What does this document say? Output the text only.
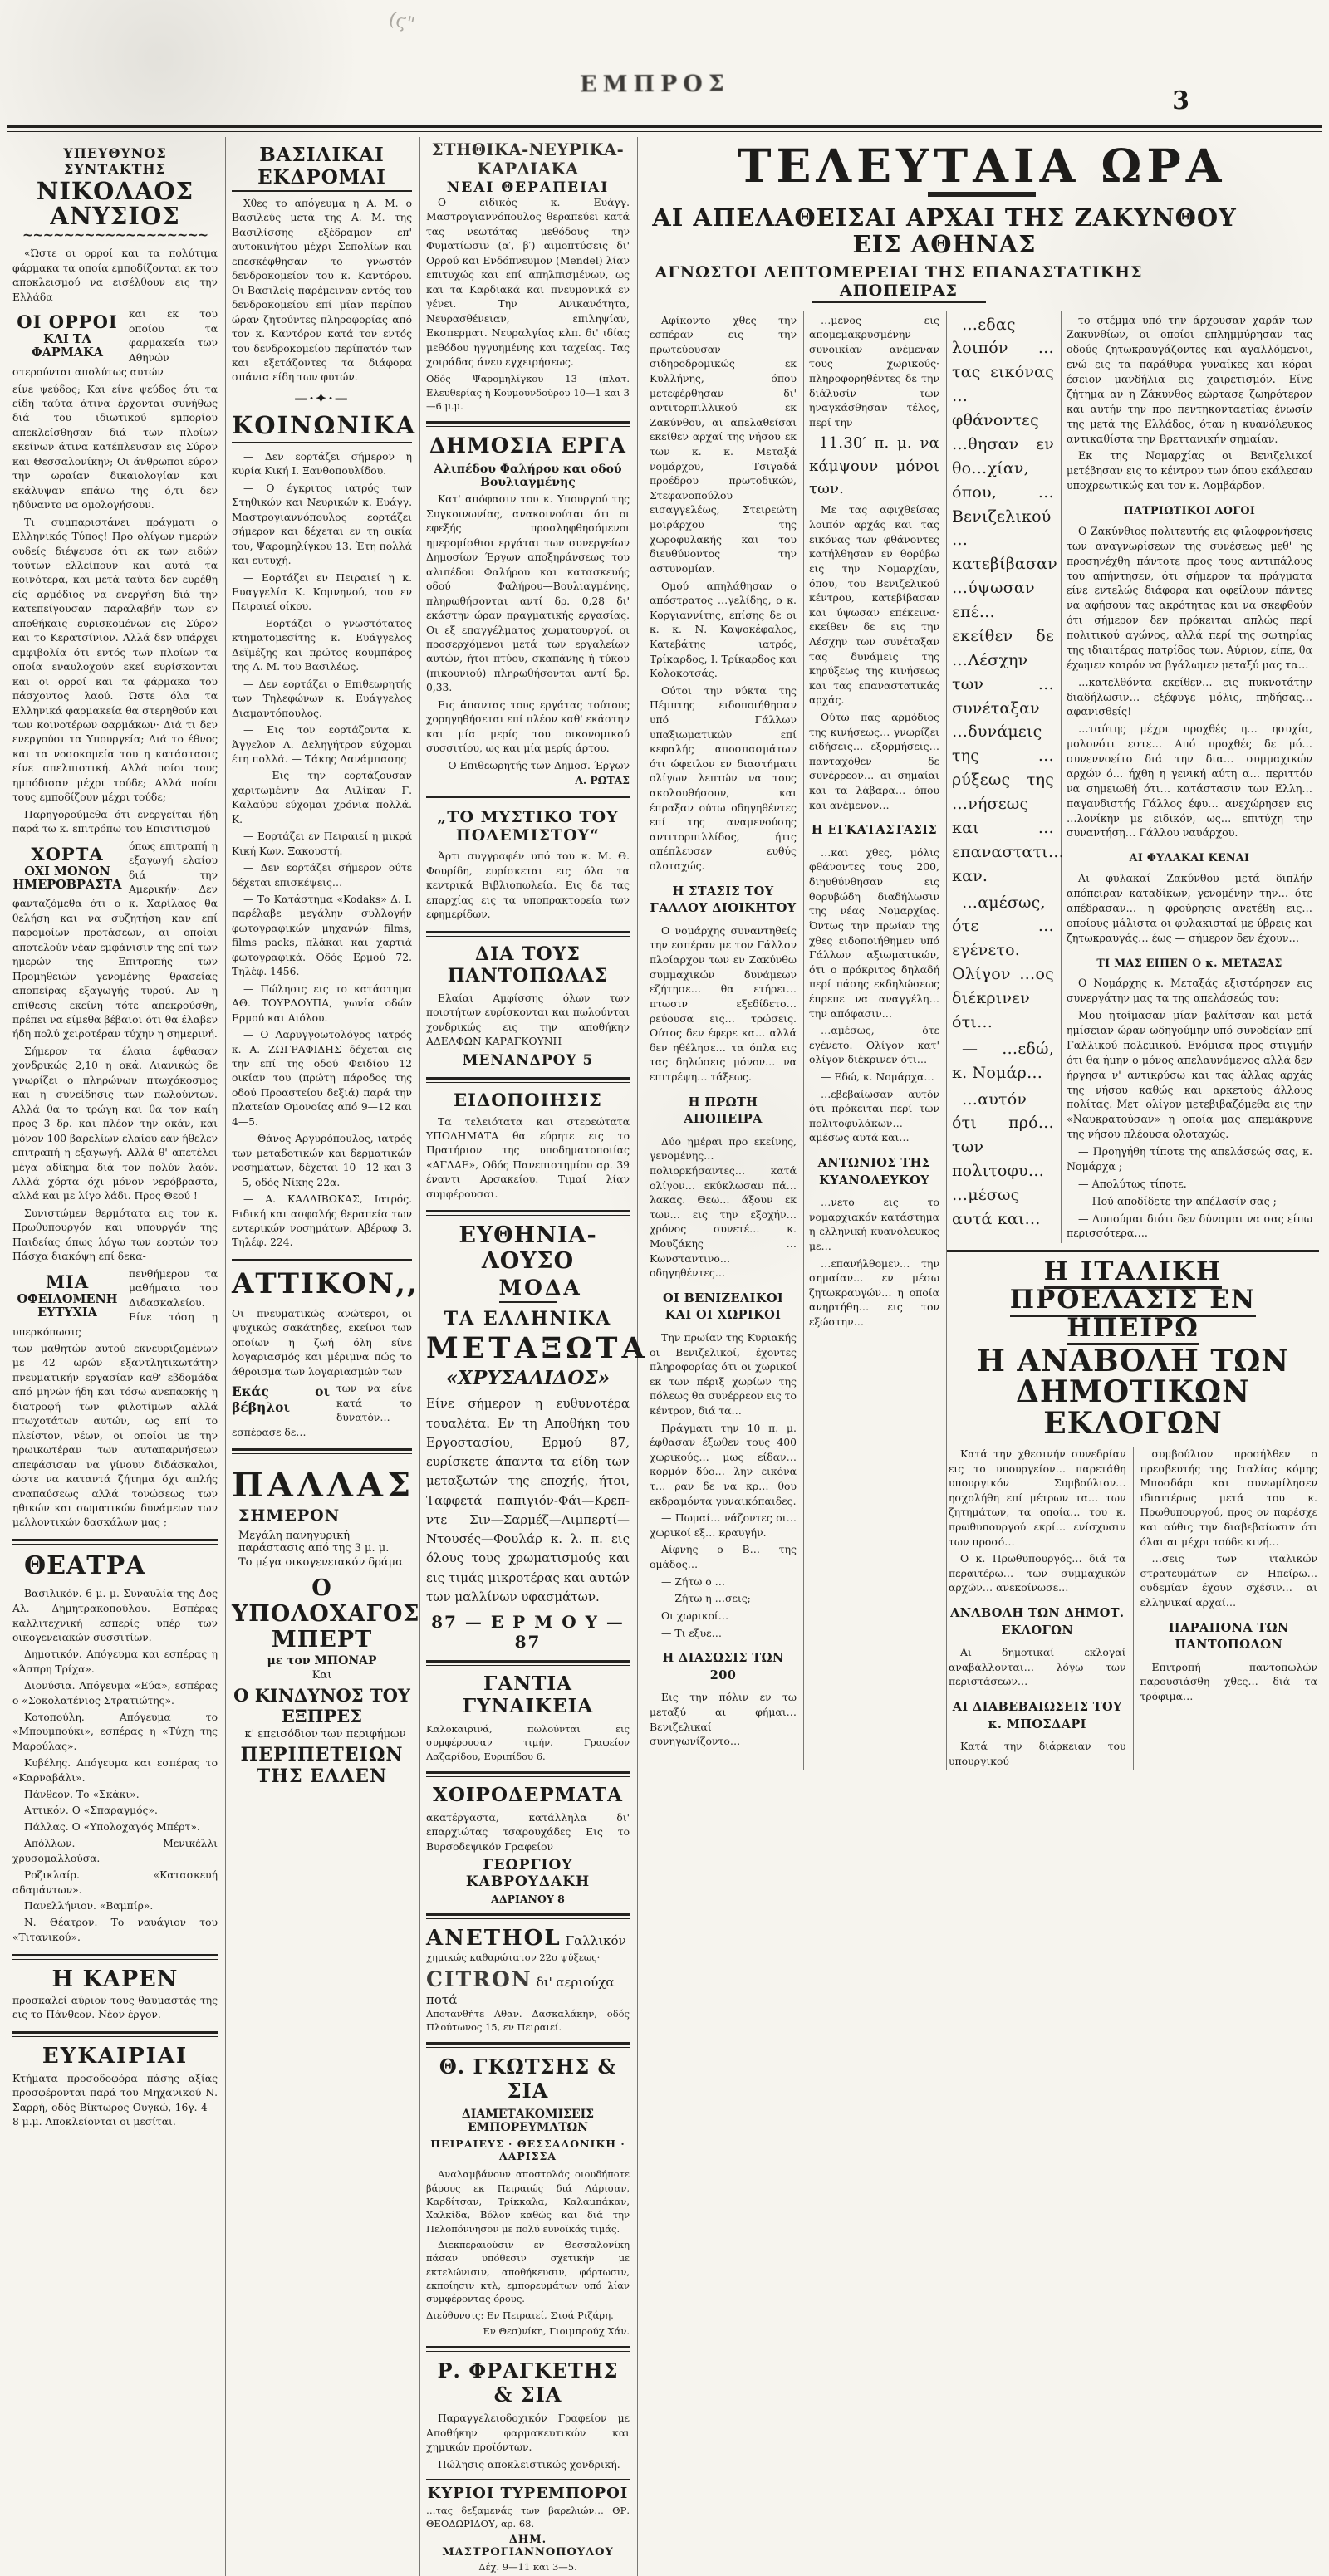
(ϛ"
ΕΜΠΡΟΣ
3
ΥΠΕΥΘΥΝΟΣ ΣΥΝΤΑΚΤΗΣ
ΝΙΚΟΛΑΟΣ ΑΝΥΣΙΟΣ
~~~~~~~~~~~~~~~~~~

«Ώστε οι ορροί και τα πολύτιμα φάρμακα τα οποία εμποδίζονται εκ του αποκλεισμού να εισέλθουν εις την Ελλάδα

ΟΙ ΟΡΡΟΙ
ΚΑΙ ΤΑ ΦΑΡΜΑΚΑ
και εκ του οποίου τα φαρμακεία των Αθηνών στερούνται απολύτως αυτών

είνε ψεύδος; Και είνε ψεύδος ότι τα είδη ταύτα άτινα έρχονται συνήθως διά του ιδιωτικού εμπορίου απεκλείσθησαν διά των πλοίων εκείνων άτινα κατέπλευσαν εις Σύρον και Θεσσαλονίκην; Οι άνθρωποι εύρον την ωραίαν δικαιολογίαν και εκάλυψαν επάνω της ό,τι δεν ηδύναντο να ομολογήσουν.

Τι συμπαριστάνει πράγματι ο Ελληνικός Τύπος! Προ ολίγων ημερών ουδείς διέψευσε ότι εκ των ειδών τούτων ελλείπουν και αυτά τα κοινότερα, και μετά ταύτα δεν ευρέθη είς αρμόδιος να ενεργήση διά την κατεπείγουσαν παραλαβήν των εν αποθήκαις ευρισκομένων εις Σύρον και το Κερατσίνιον. Αλλά δεν υπάρχει αμφιβολία ότι εντός των πλοίων τα οποία εναυλοχούν εκεί ευρίσκονται και οι ορροί και τα φάρμακα του πάσχοντος λαού. Ώστε όλα τα Ελληνικά φαρμακεία θα στερηθούν και των κοινοτέρων φαρμάκων· Διά τι δεν ενεργούσι τα Υπουργεία; Διά το έθνος και τα νοσοκομεία του η κατάστασις είνε απελπιστική. Αλλά ποίοι τους ημπόδισαν μέχρι τούδε; Αλλά ποίοι τους εμποδίζουν μέχρι τούδε;

Παρηγορούμεθα ότι ενεργείται ήδη παρά τω κ. επιτρόπω του Επισιτισμού

ΧΟΡΤΑ
ΟΧΙ ΜΟΝΟΝ ΗΜΕΡΟΒΡΑΣΤΑ
όπως επιτραπή η εξαγωγή ελαίου διά την Αμερικήν· Δεν φανταζόμεθα ότι ο κ. Χαρίλαος θα θελήση και να συζητήση καν επί παρομοίων προτάσεων, αι οποίαι αποτελούν νέαν εμφάνισιν της επί των ημερών της Επιτροπής των Προμηθειών γενομένης θρασείας αποπείρας εξαγωγής τυρού. Αν η επίθεσις εκείνη τότε απεκρούσθη, πρέπει να είμεθα βέβαιοι ότι θα έλαβεν ήδη πολύ χειροτέραν τύχην η σημερινή.

Σήμερον τα έλαια έφθασαν χονδρικώς 2,10 η οκά. Λιανικώς δε γνωρίζει ο πληρώνων πτωχόκοσμος και η συνείδησις των πωλούντων. Αλλά θα το τρώγη και θα τον καίη προς 3 δρ. και πλέον την οκάν, και μόνον 100 βαρελίων ελαίου εάν ήθελεν επιτραπή η εξαγωγή. Αλλά θ' απετέλει μέγα αδίκημα διά τον πολύν λαόν. Αλλά χόρτα όχι μόνον νερόβραστα, αλλά και με λίγο λάδι. Προς Θεού !

Συνιστώμεν θερμότατα εις τον κ. Πρωθυπουργόν και υπουργόν της Παιδείας όπως λόγω των εορτών του Πάσχα διακόψη επί δεκα-

ΜΙΑ
ΟΦΕΙΛΟΜΕΝΗ ΕΥΤΥΧΙΑ
πενθήμερον τα μαθήματα του Διδασκαλείου. Είνε τόση η υπερκόπωσις

των μαθητών αυτού εκνευριζομένων με 42 ωρών εξαντλητικωτάτην πνευματικήν εργασίαν καθ' εβδομάδα από μηνών ήδη και τόσω ανεπαρκής η διατροφή των φιλοτίμων αλλά πτωχοτάτων αυτών, ως επί το πλείστον, νέων, οι οποίοι με την ηρωικωτέραν των αυταπαρνήσεων απεφάσισαν να γίνουν διδάσκαλοι, ώστε να καταντά ζήτημα όχι απλής αναπαύσεως αλλά τονώσεως των ηθικών και σωματικών δυνάμεων των μελλοντικών δασκάλων μας ;

ΘΕΑΤΡΑ
Βασιλικόν. 6 μ. μ. Συναυλία της Δος Αλ. Δημητρακοπούλου. Εσπέρας καλλιτεχνική εσπερίς υπέρ των οικογενειακών συσσιτίων.
Δημοτικόν. Απόγευμα και εσπέρας η «Άσπρη Τρίχα».
Διονύσια. Απόγευμα «Εύα», εσπέρας ο «Σοκολατένιος Στρατιώτης».
Κοτοπούλη. Απόγευμα το «Μπουμπούκι», εσπέρας η «Τύχη της Μαρούλας».
Κυβέλης. Απόγευμα και εσπέρας το «Καρναβάλι».
Πάνθεον. Το «Σκάκι».
Αττικόν. Ο «Σπαραγμός».
Πάλλας. Ο «Υπολοχαγός Μπέρτ».
Απόλλων. Μενικέλλι χρυσομαλλούσα.
Ροζικλαίρ. «Κατασκευή αδαμάντων».
Πανελλήνιον. «Βαμπίρ».
Ν. Θέατρον. Το ναυάγιον του «Τιτανικού».
Η ΚΑΡΕΝ

προσκαλεί αύριον τους θαυμαστάς της εις το Πάνθεον. Νέον έργον.

ΕΥΚΑΙΡΙΑΙ

Κτήματα προσοδοφόρα πάσης αξίας προσφέρονται παρά του Μηχανικού Ν. Σαρρή, οδός Βίκτωρος Ουγκώ, 16γ. 4—8 μ.μ. Αποκλείονται οι μεσίται.

ΒΑΣΙΛΙΚΑΙ ΕΚΔΡΟΜΑΙ

Χθες το απόγευμα η Α. Μ. ο Βασιλεύς μετά της Α. Μ. της Βασιλίσσης εξέδραμον επ' αυτοκινήτου μέχρι Σεπολίων και επεσκέφθησαν το γνωστόν δενδροκομείον του κ. Καντόρου. Οι Βασιλείς παρέμειναν εντός του δενδροκομείου επί μίαν περίπου ώραν ζητούντες πληροφορίας από τον κ. Καντόρον κατά τον εντός του δενδροκομείου περίπατόν των και εξετάζοντες τα διάφορα σπάνια είδη των φυτών.

—·✦·—
ΚΟΙΝΩΝΙΚΑ
— Δεν εορτάζει σήμερον η κυρία Κική Ι. Ξανθοπουλίδου.
— Ο έγκριτος ιατρός των Στηθικών και Νευρικών κ. Ευάγγ. Μαστρογιαννόπουλος εορτάζει σήμερον και δέχεται εν τη οικία του, Ψαρομηλίγκου 13. Έτη πολλά και ευτυχή.
— Εορτάζει εν Πειραιεί η κ. Ευαγγελία Κ. Κομνηνού, του εν Πειραιεί οίκου.
— Εορτάζει ο γνωστότατος κτηματομεσίτης κ. Ευάγγελος Δεϊμέζης και πρώτος κουμπάρος της Α. Μ. του Βασιλέως.
— Δεν εορτάζει ο Επιθεωρητής των Τηλεφώνων κ. Ευάγγελος Διαμαντόπουλος.
— Εις τον εορτάζοντα κ. Άγγελον Λ. Δεληγήτρον εύχομαι έτη πολλά. — Τάκης Δανάμπασης
— Εις την εορτάζουσαν χαριτωμένην Δα Λιλίκαν Γ. Καλαύρυ εύχομαι χρόνια πολλά. Κ.
— Εορτάζει εν Πειραιεί η μικρά Κική Κων. Ξακουστή.
— Δεν εορτάζει σήμερον ούτε δέχεται επισκέψεις…
— Το Κατάστημα «Kodaks» Δ. Ι. παρέλαβε μεγάλην συλλογήν φωτογραφικών μηχανών· films, films packs, πλάκαι και χαρτιά φωτογραφικά. Οδός Ερμού 72. Τηλέφ. 1456.
— Πώλησις εις το κατάστημα ΑΘ. ΤΟΥΡΛΟΥΠΑ, γωνία οδών Ερμού και Αιόλου.
— Ο Λαρυγγοωτολόγος ιατρός κ. Α. ΖΩΓΡΑΦΙΔΗΣ δέχεται εις την επί της οδού Φειδίου 12 οικίαν του (πρώτη πάροδος της οδού Προαστείου δεξιά) παρά την πλατείαν Ομονοίας από 9—12 και 4—5.
— Θάνος Αργυρόπουλος, ιατρός των μεταδοτικών και δερματικών νοσημάτων, δέχεται 10—12 και 3—5, οδός Νίκης 22α.
— Α. ΚΑΛΛΙΒΩΚΑΣ, Ιατρός. Ειδική και ασφαλής θεραπεία των εντερικών νοσημάτων. Αβέρωφ 3. Τηλέφ. 224.
ΑΤΤΙΚΟΝ,,

Οι πνευματικώς ανώτεροι, οι ψυχικώς σακάτηδες, εκείνοι των οποίων η ζωή όλη είνε λογαριασμός και μέριμνα πώς το άθροισμα των λογαριασμών των

Εκάς οι βέβηλοι
των να είνε κατά το δυνατόν… εσπέρασε δε…
ΠΑΛΛΑΣ
ΣΗΜΕΡΟΝ
Μεγάλη πανηγυρική παράστασις από της 3 μ. μ.
Το μέγα οικογενειακόν δράμα
Ο ΥΠΟΛΟΧΑΓΟΣ ΜΠΕΡΤ
με τον ΜΠΟΝΑΡ
Και
Ο ΚΙΝΔΥΝΟΣ ΤΟΥ ΕΞΠΡΕΣ
κ' επεισόδιον των περιφήμων
ΠΕΡΙΠΕΤΕΙΩΝ ΤΗΣ ΕΛΛΕΝ
ΣΤΗΘΙΚΑ-ΝΕΥΡΙΚΑ-ΚΑΡΔΙΑΚΑ
ΝΕΑΙ ΘΕΡΑΠΕΙΑΙ

Ο ειδικός κ. Ευάγγ. Μαστρογιαννόπουλος θεραπεύει κατά τας νεωτάτας μεθόδους την Φυματίωσιν (α′, β′) αιμοπτύσεις δι' Ορρού και Ενδόπνευμον (Mendel) λίαν επιτυχώς και επί απηλπισμένων, ως και τα Καρδιακά και πνευμονικά εν γένει. Την Ανικανότητα, Νευρασθένειαν, επιληψίαν, Εκσπερματ. Νευραλγίας κλπ. δι' ιδίας μεθόδου ηγγυημένης και ταχείας. Τας χοιράδας άνευ εγχειρήσεως.

Οδός Ψαρομηλίγκου 13 (πλατ. Ελευθερίας ή Κουμουνδούρου 10—1 και 3—6 μ.μ.

ΔΗΜΟΣΙΑ ΕΡΓΑ
Αλιπέδου Φαλήρου και οδού Βουλιαγμένης

Κατ' απόφασιν του κ. Υπουργού της Συγκοινωνίας, ανακοινούται ότι οι εφεξής προσληφθησόμενοι ημερομίσθιοι εργάται των συνεργείων Δημοσίων Έργων αποξηράνσεως του αλιπέδου Φαλήρου και κατασκευής οδού Φαλήρου—Βουλιαγμένης, πληρωθήσονται αντί δρ. 0,28 δι' εκάστην ώραν πραγματικής εργασίας. Οι εξ επαγγέλματος χωματουργοί, οι προσερχόμενοι μετά των εργαλείων αυτών, ήτοι πτύου, σκαπάνης ή τύκου (πικουνιού) πληρωθήσονται αντί δρ. 0,33.

Εις άπαντας τους εργάτας τούτους χορηγηθήσεται επί πλέον καθ' εκάστην και μία μερίς του οικονομικού συσσιτίου, ως και μία μερίς άρτου.

Ο Επιθεωρητής των Δημοσ. Έργων

Λ. ΡΩΤΑΣ

„ΤΟ ΜΥΣΤΙΚΟ ΤΟΥ ΠΟΛΕΜΙΣΤΟΥ“

Άρτι συγγραφέν υπό του κ. Μ. Θ. Φουρίδη, ευρίσκεται εις όλα τα κεντρικά Βιβλιοπωλεία. Εις δε τας επαρχίας εις τα υποπρακτορεία των εφημερίδων.

ΔΙΑ ΤΟΥΣ ΠΑΝΤΟΠΩΛΑΣ

Ελαίαι Αμφίσσης όλων των ποιοτήτων ευρίσκονται και πωλούνται χονδρικώς εις την αποθήκην ΑΔΕΛΦΩΝ ΚΑΡΑΓΚΟΥΝΗ

ΜΕΝΑΝΔΡΟΥ 5
ΕΙΔΟΠΟΙΗΣΙΣ

Τα τελειότατα και στερεώτατα ΥΠΟΔΗΜΑΤΑ θα εύρητε εις το Πρατήριον της υποδηματοποιίας «ΑΓΛΑΕ», Οδός Πανεπιστημίου αρ. 39 έναντι Αρσακείου. Τιμαί λίαν συμφέρουσαι.

ΕΥΘΗΝΙΑ-ΛΟΥΣΟ
ΜΟΔΑ
ΤΑ ΕΛΛΗΝΙΚΑ
ΜΕΤΑΞΩΤΑ
«ΧΡΥΣΑΛΙΔΟΣ»

Είνε σήμερον η ευθυνοτέρα τουαλέτα. Εν τη Αποθήκη του Εργοστασίου, Ερμού 87, ευρίσκετε άπαντα τα είδη των μεταξωτών της εποχής, ήτοι, Ταφφετά παπιγιόν-Φάι—Κρεπ-ντε Σιν—Σαρμέζ—Λιμπερτί—Ντουσές—Φουλάρ κ. λ. π. εις όλους τους χρωματισμούς και εις τιμάς μικροτέρας και αυτών των μαλλίνων υφασμάτων.

87 — Ε Ρ Μ Ο Υ — 87
ΓΑΝΤΙΑ ΓΥΝΑΙΚΕΙΑ

Καλοκαιρινά, πωλούνται εις συμφέρουσαν τιμήν. Γραφείον Λαζαρίδου, Ευριπίδου 6.

ΧΟΙΡΟΔΕΡΜΑΤΑ

ακατέργαστα, κατάλληλα δι' επαρχιώτας τσαρουχάδες Εις το Βυρσοδεψικόν Γραφείον

ΓΕΩΡΓΙΟΥ ΚΑΒΡΟΥΔΑΚΗ
ΑΔΡΙΑΝΟΥ 8
ANETHOL Γαλλικόν

χημικώς καθαρώτατον 22ο ψύξεως·

CITRON δι' αεριούχα ποτά

Αποτανθήτε Αθαν. Δασκαλάκην, οδός Πλούτωνος 15, εν Πειραιεί.

Θ. ΓΚΩΤΣΗΣ & ΣΙΑ
ΔΙΑΜΕΤΑΚΟΜΙΣΕΙΣ ΕΜΠΟΡΕΥΜΑΤΩΝ
ΠΕΙΡΑΙΕΥΣ · ΘΕΣΣΑΛΟΝΙΚΗ · ΛΑΡΙΣΣΑ

Αναλαμβάνουν αποστολάς οιουδήποτε βάρους εκ Πειραιώς διά Λάρισαν, Καρδίτσαν, Τρίκκαλα, Καλαμπάκαν, Χαλκίδα, Βόλον καθώς και διά την Πελοπόννησον με πολύ ευνοϊκάς τιμάς.

Διεκπεραιούσιν εν Θεσσαλονίκη πάσαν υπόθεσιν σχετικήν με εκτελώνισιν, αποθήκευσιν, φόρτωσιν, εκποίησιν κτλ, εμπορευμάτων υπό λίαν συμφέροντας όρους.

Διεύθυνσις: Εν Πειραιεί, Στοά Ριζάρη.

Εν Θεσ)νίκη, Γιοιμπρούχ Χάν.

Ρ. ΦΡΑΓΚΕΤΗΣ & ΣΙΑ

Παραγγελειοδοχικόν Γραφείον με Αποθήκην φαρμακευτικών και χημικών προϊόντων.

Πώλησις αποκλειστικώς χονδρική.

ΚΥΡΙΟΙ ΤΥΡΕΜΠΟΡΟΙ

…τας δεξαμενάς των βαρελιών… ΘΡ. ΘΕΟΔΩΡΙΔΟΥ, αρ. 68.

ΔΗΜ. ΜΑΣΤΡΟΓΙΑΝΝΟΠΟΥΛΟΥ

Δέχ. 9—11 και 3—5.

ΤΕΛΕΥΤΑΙΑ ΩΡΑ
ΑΙ ΑΠΕΛΑΘΕΙΣΑΙ ΑΡΧΑΙ ΤΗΣ ΖΑΚΥΝΘΟΥ ΕΙΣ ΑΘΗΝΑΣ
ΑΓΝΩΣΤΟΙ ΛΕΠΤΟΜΕΡΕΙΑΙ ΤΗΣ ΕΠΑΝΑΣΤΑΤΙΚΗΣ ΑΠΟΠΕΙΡΑΣ
Αφίκοντο χθες την εσπέραν εις την πρωτεύουσαν σιδηροδρομικώς εκ Κυλλήνης, όπου μετεφέρθησαν δι' αντιτορπιλλικού εκ Ζακύνθου, αι απελαθείσαι εκείθεν αρχαί της νήσου εκ των κ. κ. Μεταξά νομάρχου, Τσιγαδά προέδρου πρωτοδικών, Στεφανοπούλου εισαγγελέως, Στειρεώτη μοιράρχου της χωροφυλακής και του διευθύνοντος την αστυνομίαν.
Ομού απηλάθησαν ο απόστρατος …γελίδης, ο κ. Κοργιαννίτης, επίσης δε οι κ. κ. Ν. Καψοκέφαλος, Κατεβάτης ιατρός, Τρίκαρδος, Ι. Τρίκαρδος και Κολοκοτσάς.
Ούτοι την νύκτα της Πέμπτης ειδοποιήθησαν υπό Γάλλων υπαξιωματικών επί κεφαλής αποσπασμάτων ότι ώφειλον εν διαστήματι ολίγων λεπτών να τους ακολουθήσουν, και έπραξαν ούτω οδηγηθέντες επί της αναμενούσης αντιτορπιλλίδος, ήτις απέπλευσεν ευθύς ολοταχώς.
Η ΣΤΑΣΙΣ ΤΟΥ ΓΑΛΛΟΥ ΔΙΟΙΚΗΤΟΥ
Ο νομάρχης συναντηθείς την εσπέραν με τον Γάλλον πλοίαρχον των εν Ζακύνθω συμμαχικών δυνάμεων εζήτησε… θα ετήρει… πτωσιν εξεδίδετο… ρεύουσα εις… τρώσεις. Ούτος δεν έφερε κα… αλλά δεν ηθέλησε… τα όπλα εις τας δηλώσεις μόνον… να επιτρέψη… τάξεως.
Η ΠΡΩΤΗ ΑΠΟΠΕΙΡΑ
Δύο ημέραι προ εκείνης, γενομένης… πολιορκήσαντες… κατά ολίγον… εκύκλωσαν πά…λακας. Θεω… άξουν εκ των… εις την εξοχήν… χρόνος συνετέ… κ. Μουζάκης …Κωνσταντινο… οδηγηθέντες…
ΟΙ ΒΕΝΙΖΕΛΙΚΟΙ ΚΑΙ ΟΙ ΧΩΡΙΚΟΙ
Την πρωίαν της Κυριακής οι Βενιζελικοί, έχοντες πληροφορίας ότι οι χωρικοί εκ των πέριξ χωρίων της πόλεως θα συνέρρεον εις το κέντρον, διά τα…
Πράγματι την 10 π. μ. έφθασαν έξωθεν τους 400 χωρικούς… μως είδαν… κορμόν δύο… λην εικόνα τ… ραν δε να κρ… θου εκδραμόντα γυναικόπαιδες.
— Πωμαί… νάζοντες οι… χωρικοί εξ… κραυγήν.
Αίφνης ο Β… της ομάδος…
— Ζήτω ο …
— Ζήτω η …σεις;
Οι χωρικοί…
— Τι εξυε…
Η ΔΙΑΣΩΣΙΣ ΤΩΝ 200
Εις την πόλιν εν τω μεταξύ αι φήμαι… Βενιζελικαί συνηγωνίζοντο…
…μενος εις απομεμακρυσμένην συνοικίαν ανέμεναν τους χωρικούς· πληροφορηθέντες δε την διάλυσίν των ηναγκάσθησαν τέλος, περί την
11.30′ π. μ. να κάμψουν μόνοι των.
Με τας αφιχθείσας λοιπόν αρχάς και τας εικόνας των φθάνοντες κατήλθησαν εν θορύβω εις την Νομαρχίαν, όπου, του Βενιζελικού κέντρου, κατεβίβασαν και ύψωσαν επέκεινα· εκείθεν δε εις την Λέσχην των συνέταξαν τας δυνάμεις της κηρύξεως της κινήσεως και τας επαναστατικάς αρχάς.
Ούτω πας αρμόδιος της κινήσεως… γνωρίζει ειδήσεις… εξορμήσεις… πανταχόθεν δε συνέρρεον… αι σημαίαι και τα λάβαρα… όπου και ανέμενον…
Η ΕΓΚΑΤΑΣΤΑΣΙΣ
…και χθες, μόλις φθάνοντες τους 200, διηυθύνθησαν εις θορυβώδη διαδήλωσιν της νέας Νομαρχίας. Όντως την πρωίαν της χθες ειδοποιήθημεν υπό Γάλλων αξιωματικών, ότι ο πρόκριτος δηλαδή περί πάσης εκδηλώσεως έπρεπε να αναγγέλη… την απόφασιν…
…αμέσως, ότε εγένετο. Ολίγον κατ' ολίγον διέκρινεν ότι…
— Εδώ, κ. Νομάρχα…
…εβεβαίωσαν αυτόν ότι πρόκειται περί των πολιτοφυλάκων… αμέσως αυτά και…
ΑΝΤΩΝΙΟΣ ΤΗΣ ΚΥΑΝΟΛΕΥΚΟΥ
…νετο εις το νομαρχιακόν κατάστημα η ελληνική κυανόλευκος με…
…επανήλθομεν… την σημαίαν… εν μέσω ζητωκραυγών… η οποία ανηρτήθη… εις τον εξώστην…
…εδας λοιπόν …τας εικόνας …φθάνοντες …θησαν εν θο…χίαν, όπου, …Βενιζελικού …κατεβίβασαν …ύψωσαν επέ… εκείθεν δε …Λέσχην των …συνέταξαν …δυνάμεις της …ρύξεως της …νήσεως και …επαναστατι…καν.
…αμέσως, ότε …εγένετο. Ολίγον …ος διέκρινεν ότι…
— …εδώ, κ. Νομάρ…
…αυτόν ότι πρό… των πολιτοφυ… …μέσως αυτά και…
το στέμμα υπό την άρχουσαν χαράν των Ζακυνθίων, οι οποίοι επλημμύρησαν τας οδούς ζητωκραυγάζοντες και αγαλλόμενοι, ενώ εις τα παράθυρα γυναίκες και κόραι έσειον μανδήλια εις χαιρετισμόν. Είνε ζήτημα αν η Ζάκυνθος εώρτασε ζωηρότερον και αυτήν την προ πεντηκονταετίας ένωσίν της μετά της Ελλάδος, όταν η κυανόλευκος αντικαθίστα την Βρεττανικήν σημαίαν.
Εκ της Νομαρχίας οι Βενιζελικοί μετέβησαν εις το κέντρον των όπου εκάλεσαν υποχρεωτικώς και τον κ. Λομβάρδον.
ΠΑΤΡΙΩΤΙΚΟΙ ΛΟΓΟΙ
Ο Ζακύνθιος πολιτευτής εις φιλοφρονήσεις των αναγνωρίσεων της συνέσεως μεθ' ης προσηνέχθη πάντοτε προς τους αντιπάλους του απήντησεν, ότι σήμερον τα πράγματα είνε εντελώς διάφορα και οφείλουν πάντες να αφήσουν τας ακρότητας και να σκεφθούν ότι σήμερον δεν πρόκειται απλώς περί πολιτικού αγώνος, αλλά περί της σωτηρίας της ιδιαιτέρας πατρίδος των. Αύριον, είπε, θα έχωμεν καιρόν να βγάλωμεν μεταξύ μας τα…
…κατελθόντα εκείθεν… εις πυκνοτάτην διαδήλωσιν… εξέφυγε μόλις, πηδήσας… αφανισθείς!
…ταύτης μέχρι προχθές η… ησυχία, μολονότι εστε… Από προχθές δε μό… συνεννοείτο διά την δια… συμμαχικών αρχών ό… ήχθη η γενική αύτη α… περιττόν να σημειωθή ότι… κατάστασιν των Ελλη… παγανδιστής Γάλλος έφυ… ανεχώρησεν εις …λονίκην με ειδικόν, ως… επιτύχη την συναντήση… Γάλλου ναυάρχου.
ΑΙ ΦΥΛΑΚΑΙ ΚΕΝΑΙ
Αι φυλακαί Ζακύνθου μετά διπλήν απόπειραν καταδίκων, γενομένην την… ότε απέδρασαν… η φρούρησις ανετέθη εις… οποίους μάλιστα οι φυλακισταί με ύβρεις και ζητωκραυγάς… έως — σήμερον δεν έχουν…
ΤΙ ΜΑΣ ΕΙΠΕΝ Ο κ. ΜΕΤΑΞΑΣ
Ο Νομάρχης κ. Μεταξάς εξιστόρησεν εις συνεργάτην μας τα της απελάσεώς του:
Μου ητοίμασαν μίαν βαλίτσαν και μετά ημίσειαν ώραν ωδηγούμην υπό συνοδείαν επί Γαλλικού πολεμικού. Ενόμισα προς στιγμήν ότι θα ήμην ο μόνος απελαυνόμενος αλλά δεν ήργησα ν' αντικρύσω και τας άλλας αρχάς της νήσου καθώς και αρκετούς άλλους πολίτας. Μετ' ολίγον μετεβιβαζόμεθα εις την «Ναυκρατούσαν» η οποία μας απεμάκρυνε της νήσου πλέουσα ολοταχώς.
— Προηγήθη τίποτε της απελάσεώς σας, κ. Νομάρχα ;
— Απολύτως τίποτε.
— Πού αποδίδετε την απέλασίν σας ;
— Λυπούμαι διότι δεν δύναμαι να σας είπω περισσότερα….
Η ΙΤΑΛΙΚΗ ΠΡΟΕΛΑΣΙΣ ΕΝ ΗΠΕΙΡΩ
Η ΑΝΑΒΟΛΗ ΤΩΝ ΔΗΜΟΤΙΚΩΝ ΕΚΛΟΓΩΝ
Κατά την χθεσινήν συνεδρίαν εις το υπουργείον… παρετάθη υπουργικόν Συμβούλιον… ησχολήθη επί μέτρων τα… των ζητημάτων, τα οποία… του κ. πρωθυπουργού εκρί… ενίσχυσιν των προσό…
Ο κ. Πρωθυπουργός… διά τα περαιτέρω… των συμμαχικών αρχών… ανεκοίνωσε…
ΑΝΑΒΟΛΗ ΤΩΝ ΔΗΜΟΤ. ΕΚΛΟΓΩΝ
Αι δημοτικαί εκλογαί αναβάλλονται… λόγω των περιστάσεων…
ΑΙ ΔΙΑΒΕΒΑΙΩΣΕΙΣ ΤΟΥ κ. ΜΠΟΣΔΑΡΙ
Κατά την διάρκειαν του υπουργικού
συμβούλιον προσήλθεν ο πρεσβευτής της Ιταλίας κόμης Μποσδάρι και συνωμίλησεν ιδιαιτέρως μετά του κ. Πρωθυπουργού, προς ον παρέσχε και αύθις την διαβεβαίωσιν ότι όλαι αι μέχρι τούδε κινή…
…σεις των ιταλικών στρατευμάτων εν Ηπείρω… ουδεμίαν έχουν σχέσιν… αι ελληνικαί αρχαί…
ΠΑΡΑΠΟΝΑ ΤΩΝ ΠΑΝΤΟΠΩΛΩΝ
Επιτροπή παντοπωλών παρουσιάσθη χθες… διά τα τρόφιμα…
